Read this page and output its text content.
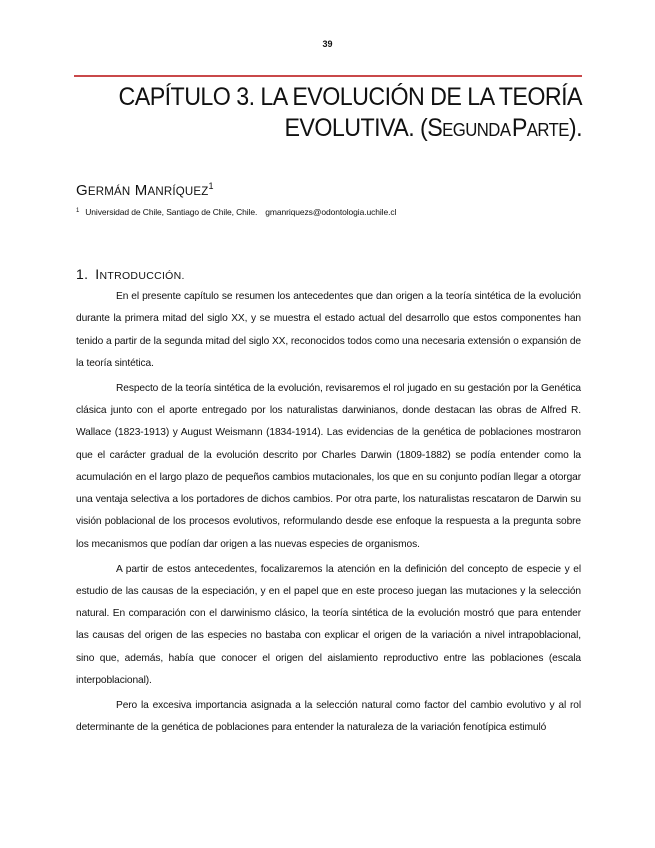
39
CAPÍTULO 3. LA EVOLUCIÓN DE LA TEORÍA
EVOLUTIVA. (SEGUNDA PARTE).
GERMÁN MANRÍQUEZ$^1$
$^1$ Universidad de Chile, Santiago de Chile, Chile. gmanriquezs@odontologia.uchile.cl
1. INTRODUCCIÓN.

En el presente capítulo se resumen los antecedentes que dan origen a la teoría sintética de la evolución durante la primera mitad del siglo XX, y se muestra el estado actual del desarrollo que estos componentes han tenido a partir de la segunda mitad del siglo XX, reconocidos todos como una necesaria extensión o expansión de la teoría sintética.

Respecto de la teoría sintética de la evolución, revisaremos el rol jugado en su gestación por la Genética clásica junto con el aporte entregado por los naturalistas darwinianos, donde destacan las obras de Alfred R. Wallace (1823-1913) y August Weismann (1834-1914). Las evidencias de la genética de poblaciones mostraron que el carácter gradual de la evolución descrito por Charles Darwin (1809-1882) se podía entender como la acumulación en el largo plazo de pequeños cambios mutacionales, los que en su conjunto podían llegar a otorgar una ventaja selectiva a los portadores de dichos cambios. Por otra parte, los naturalistas rescataron de Darwin su visión poblacional de los procesos evolutivos, reformulando desde ese enfoque la respuesta a la pregunta sobre los mecanismos que podían dar origen a las nuevas especies de organismos.

A partir de estos antecedentes, focalizaremos la atención en la definición del concepto de especie y el estudio de las causas de la especiación, y en el papel que en este proceso juegan las mutaciones y la selección natural. En comparación con el darwinismo clásico, la teoría sintética de la evolución mostró que para entender las causas del origen de las especies no bastaba con explicar el origen de la variación a nivel intrapoblacional, sino que, además, había que conocer el origen del aislamiento reproductivo entre las poblaciones (escala interpoblacional).

Pero la excesiva importancia asignada a la selección natural como factor del cambio evolutivo y al rol determinante de la genética de poblaciones para entender la naturaleza de la variación fenotípica estimuló
